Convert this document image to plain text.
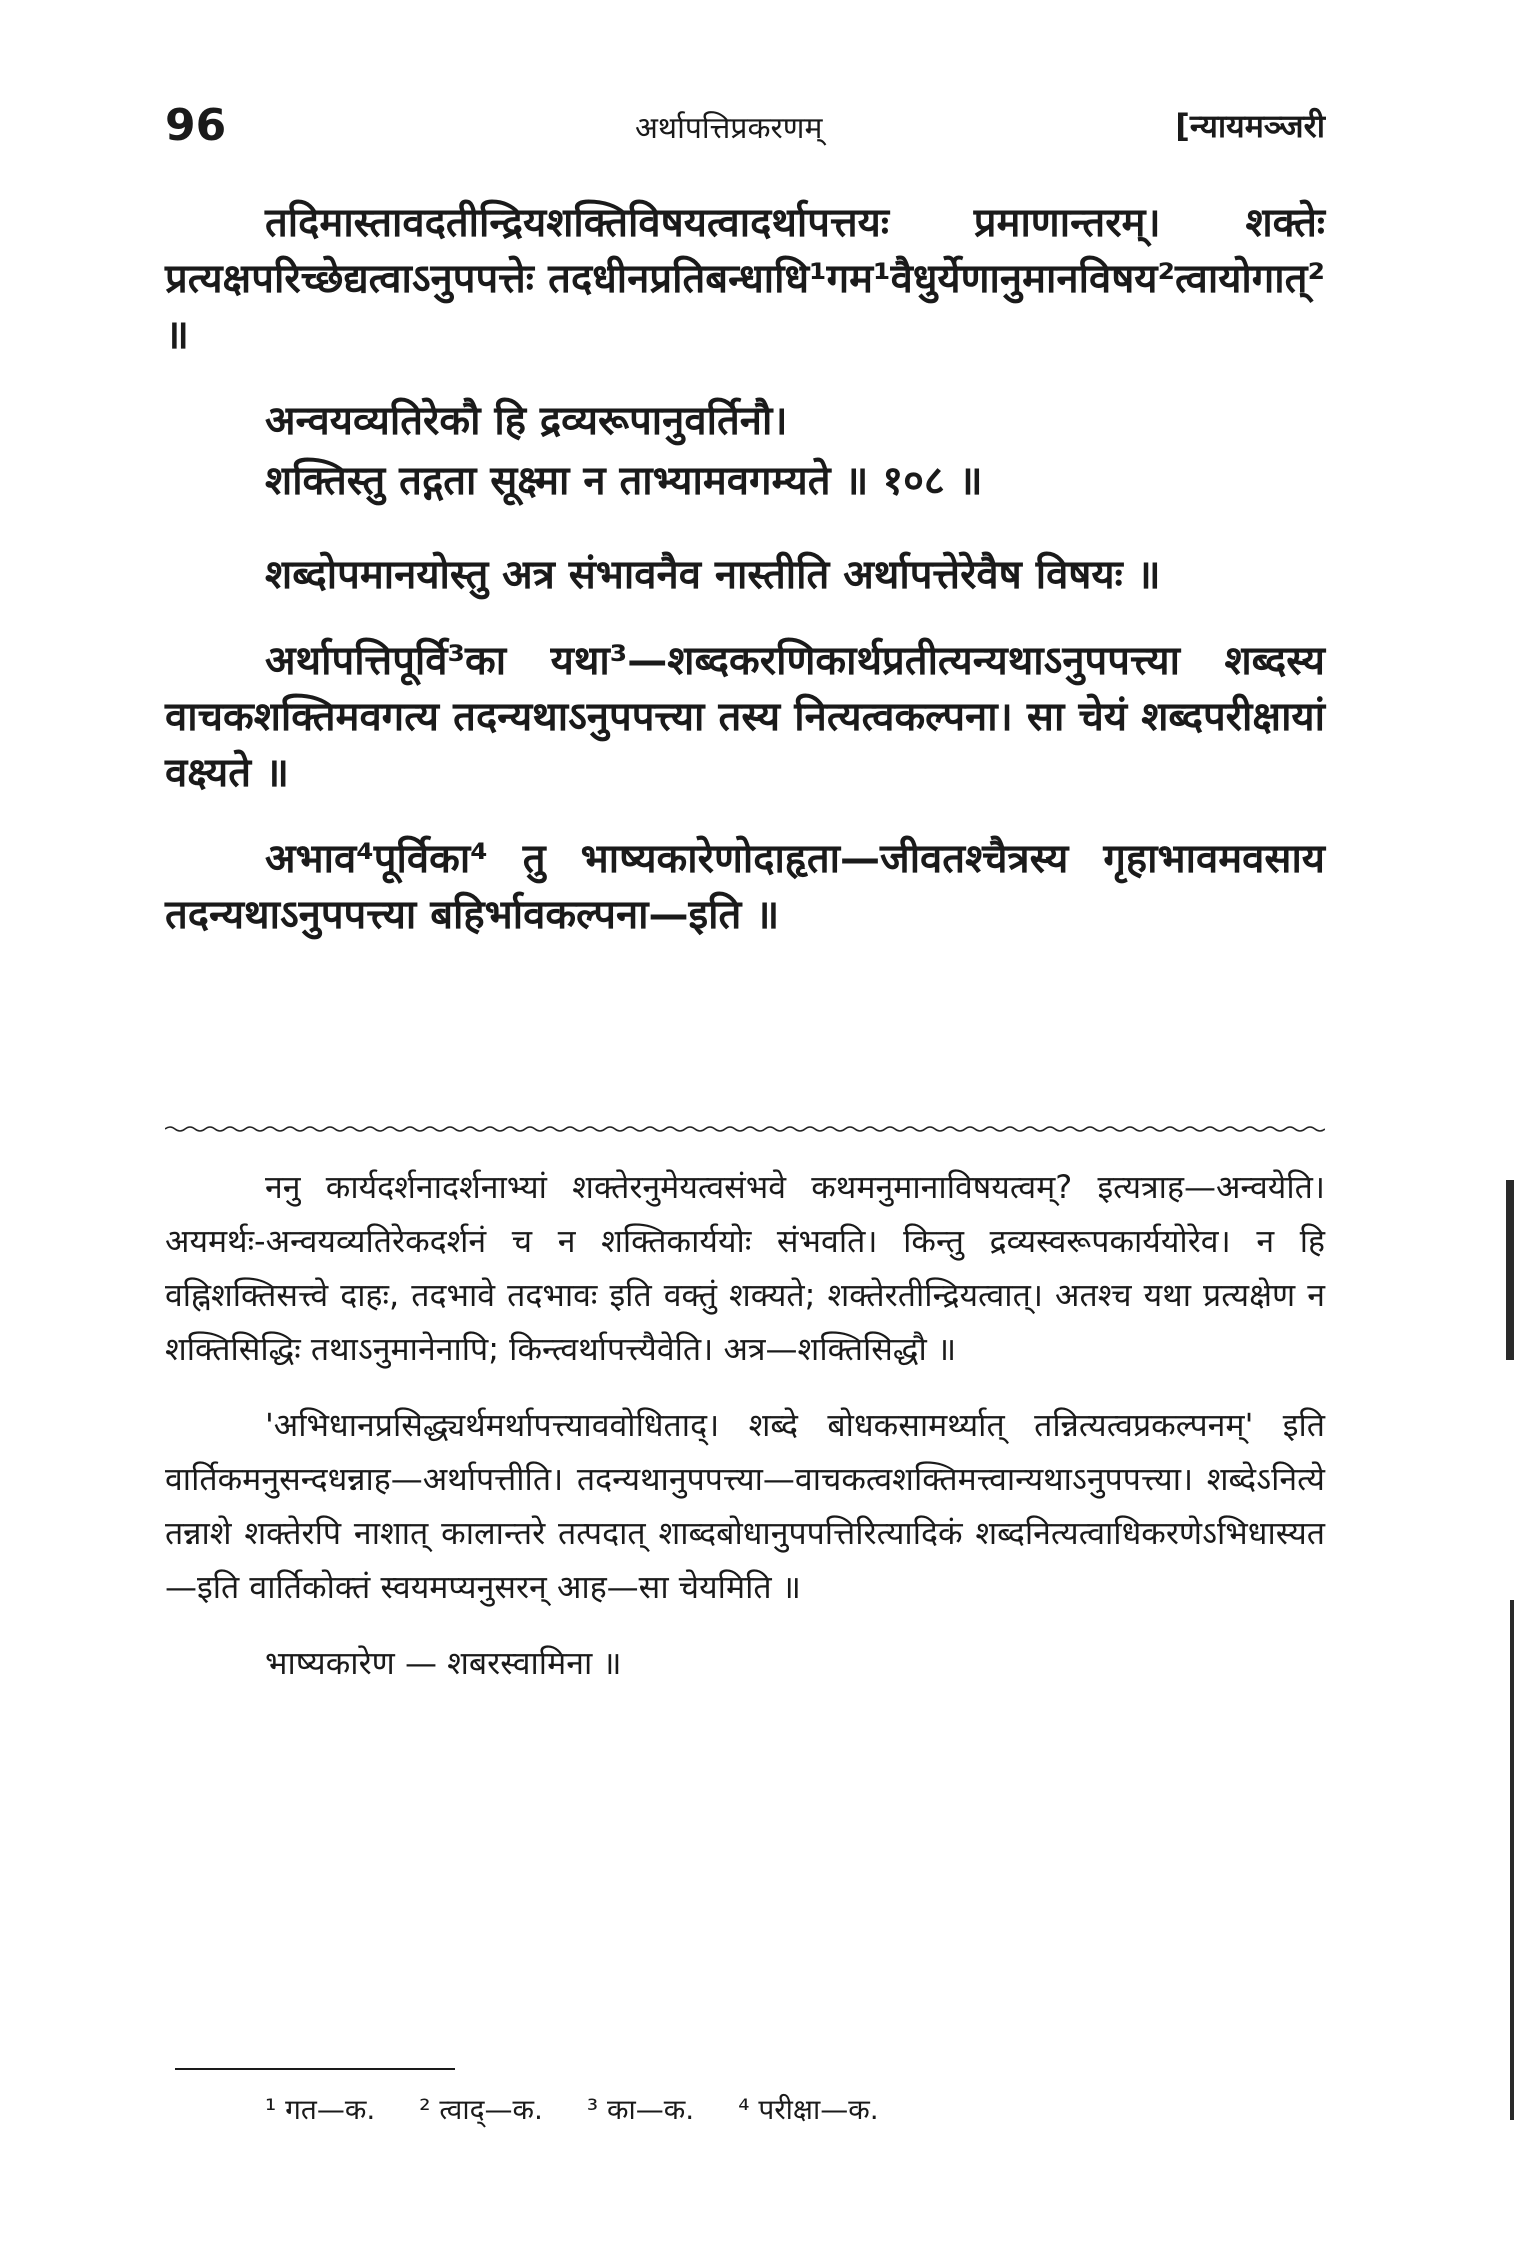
96	अर्थापत्तिप्रकरणम्	[न्यायमञ्जरी

तदिमास्तावदतीन्द्रियशक्तिविषयत्वादर्थापत्तयः प्रमाणान्तरम्। शक्तेः प्रत्यक्षपरिच्छेद्यत्वाऽनुपपत्तेः तदधीनप्रतिबन्धाधि¹गम¹वैधुर्येणानुमानविषय²त्वायोगात्² ॥

अन्वयव्यतिरेकौ हि द्रव्यरूपानुवर्तिनौ।

शक्तिस्तु तद्गता सूक्ष्मा न ताभ्यामवगम्यते ॥ १०८ ॥

शब्दोपमानयोस्तु अत्र संभावनैव नास्तीति अर्थापत्तेरेवैष विषयः ॥

अर्थापत्तिपूर्वि³का यथा³—शब्दकरणिकार्थप्रतीत्यन्यथाऽनुपपत्त्या शब्दस्य वाचकशक्तिमवगत्य तदन्यथाऽनुपपत्त्या तस्य नित्यत्वकल्पना। सा चेयं शब्दपरीक्षायां वक्ष्यते ॥

अभाव⁴पूर्विका⁴ तु भाष्यकारेणोदाहृता—जीवतश्चैत्रस्य गृहाभावमवसाय तदन्यथाऽनुपपत्त्या बहिर्भावकल्पना—इति ॥

ननु कार्यदर्शनादर्शनाभ्यां शक्तेरनुमेयत्वसंभवे कथमनुमानाविषयत्वम्? इत्यत्राह—अन्वयेति। अयमर्थः-अन्वयव्यतिरेकदर्शनं च न शक्तिकार्ययोः संभवति। किन्तु द्रव्यस्वरूपकार्ययोरेव। न हि वह्निशक्तिसत्त्वे दाहः, तदभावे तदभावः इति वक्तुं शक्यते; शक्तेरतीन्द्रियत्वात्। अतश्च यथा प्रत्यक्षेण न शक्तिसिद्धिः तथाऽनुमानेनापि; किन्त्वर्थापत्त्यैवेति। अत्र—शक्तिसिद्धौ ॥

'अभिधानप्रसिद्ध्यर्थमर्थापत्त्याववोधिताद्। शब्दे बोधकसामर्थ्यात् तन्नित्यत्वप्रकल्पनम्' इति वार्तिकमनुसन्दधन्नाह—अर्थापत्तीति। तदन्यथानुपपत्त्या—वाचकत्वशक्तिमत्त्वान्यथाऽनुपपत्त्या। शब्देऽनित्ये तन्नाशे शक्तेरपि नाशात् कालान्तरे तत्पदात् शाब्दबोधानुपपत्तिरित्यादिकं शब्दनित्यत्वाधिकरणेऽभिधास्यत—इति वार्तिकोक्तं स्वयमप्यनुसरन् आह—सा चेयमिति ॥

भाष्यकारेण — शबरस्वामिना ॥

¹ गत—क. ² त्वाद्—क. ³ का—क. ⁴ परीक्षा—क.
